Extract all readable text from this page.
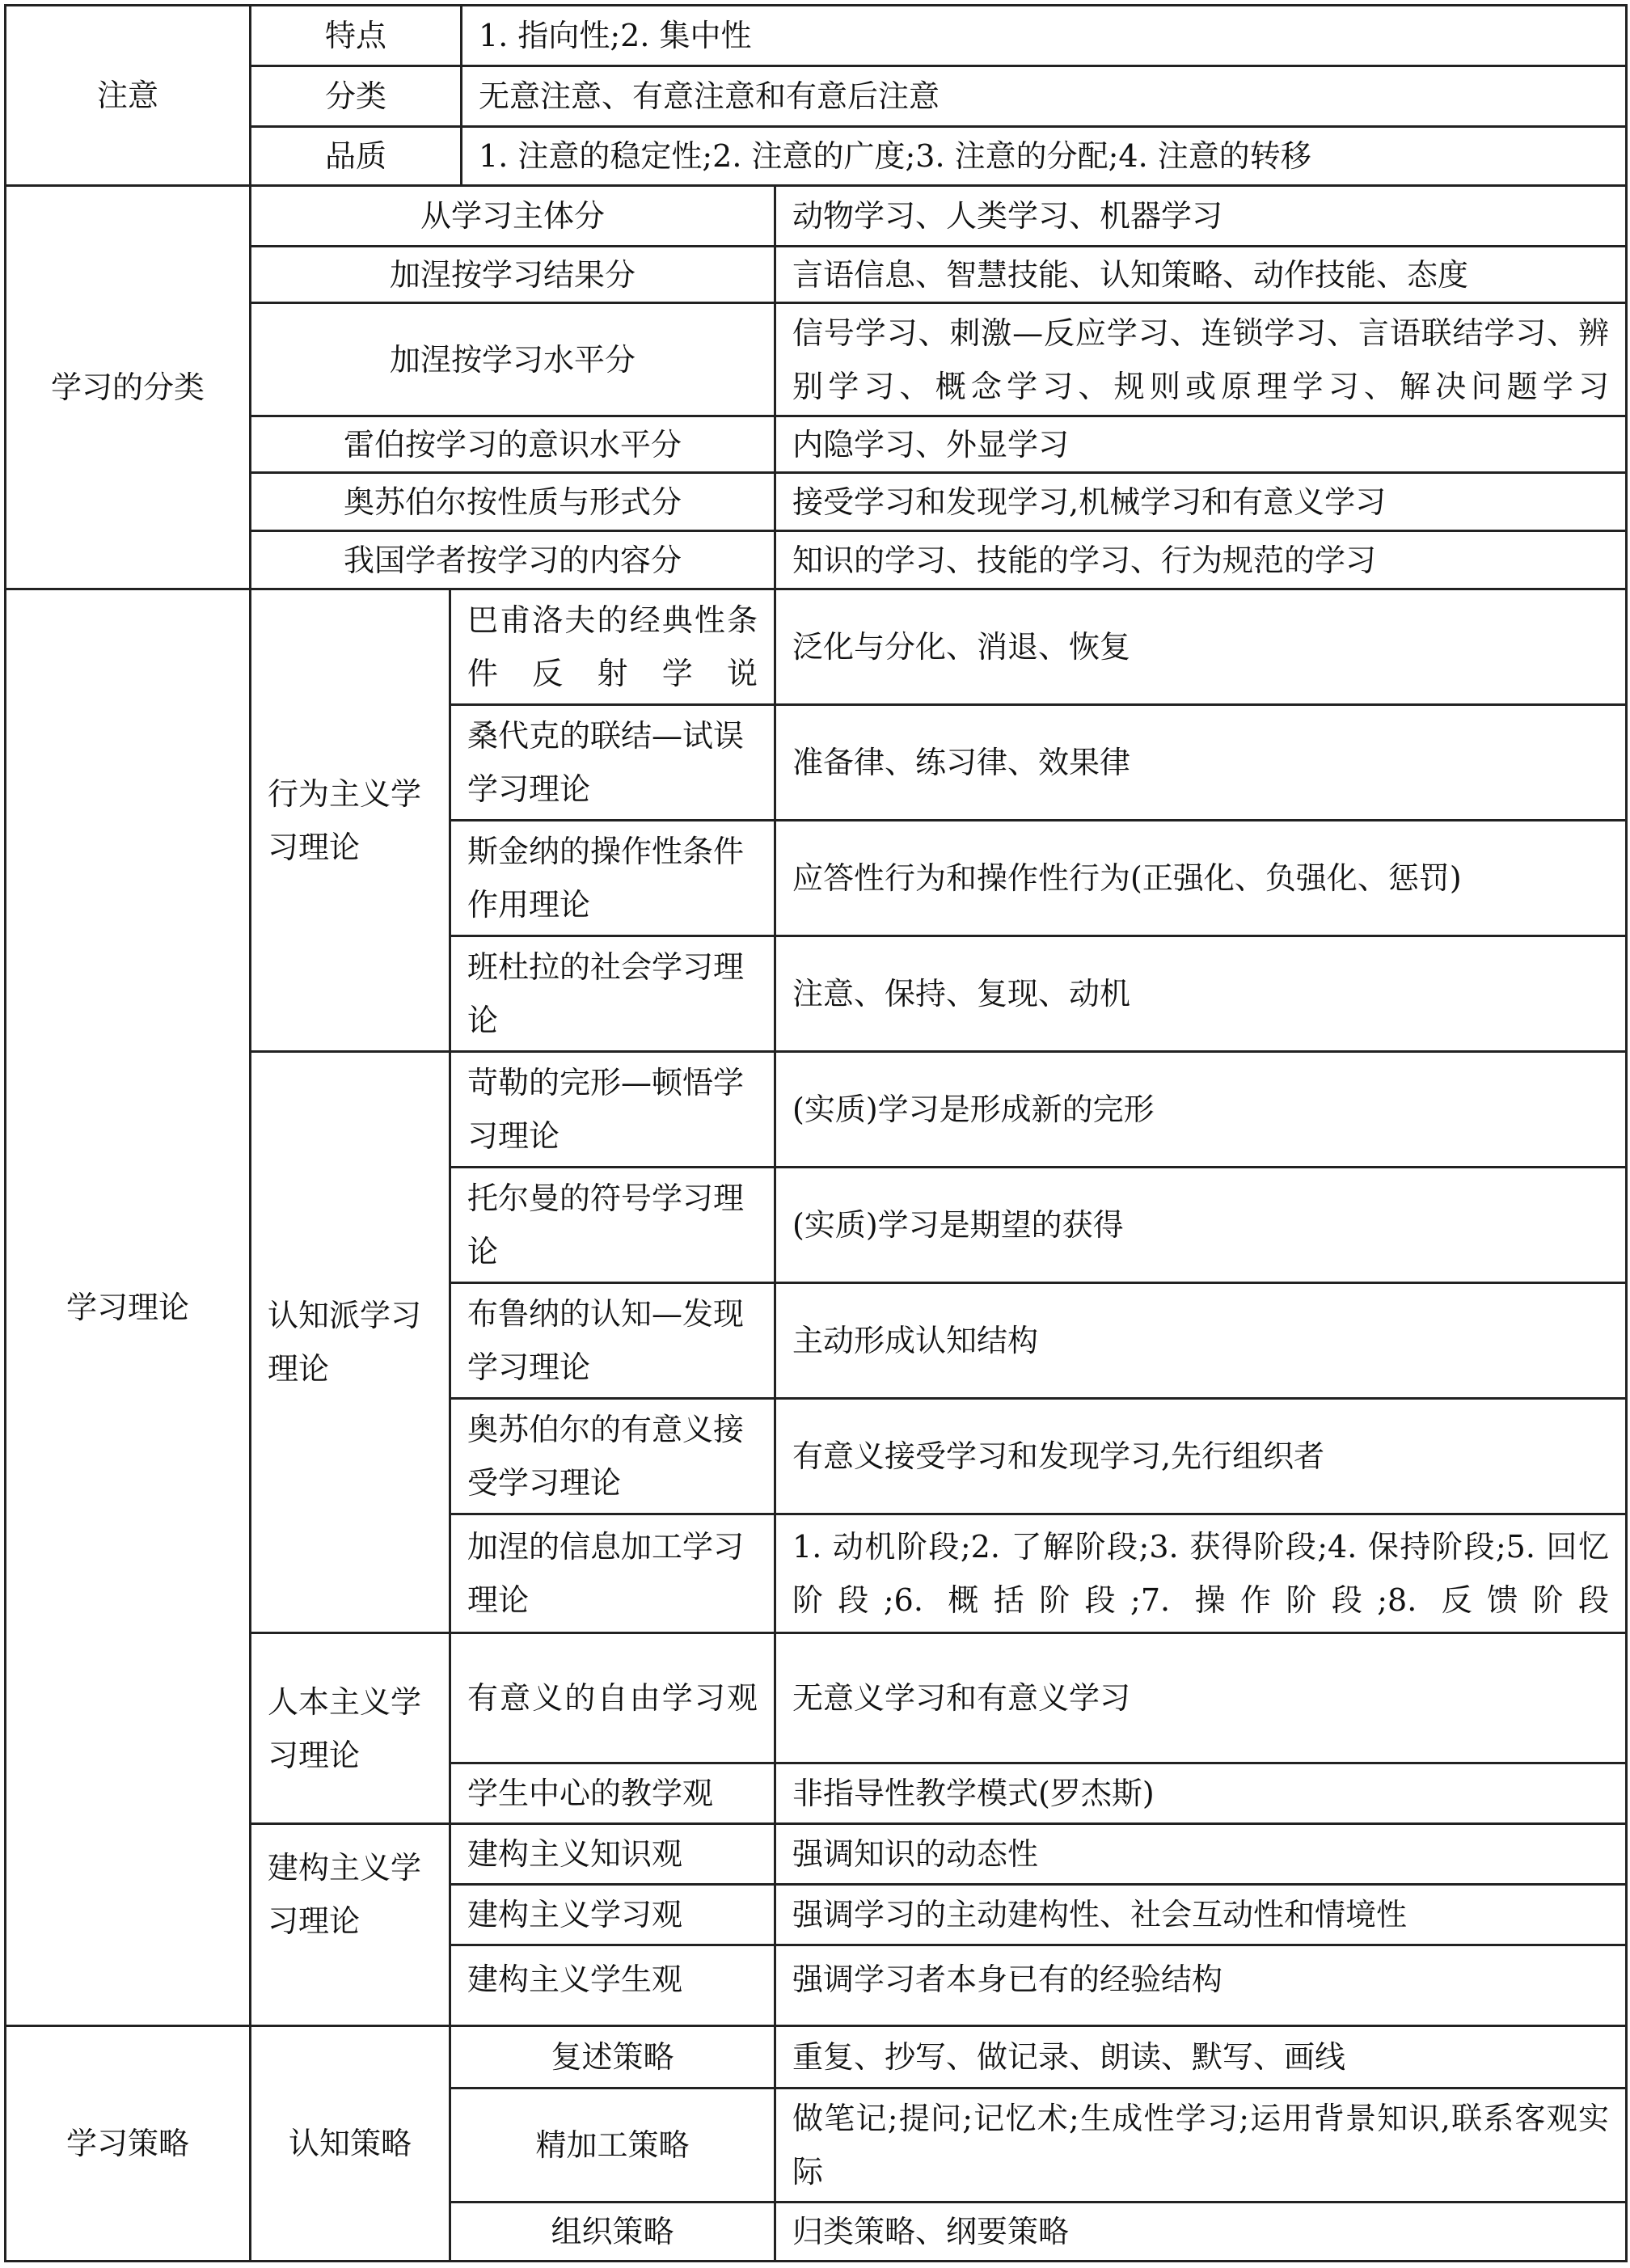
注意	特点		1. 指向性;2. 集中性	
	分类		无意注意、有意注意和有意后注意	
	品质		1. 注意的稳定性;2. 注意的广度;3. 注意的分配;4. 注意的转移	
学习的分类	从学习主体分			动物学习、人类学习、机器学习
	加涅按学习结果分			言语信息、智慧技能、认知策略、动作技能、态度
	加涅按学习水平分			信号学习、刺激—反应学习、连锁学习、言语联结学习、辨别学习、概念学习、规则或原理学习、解决问题学习
	雷伯按学习的意识水平分			内隐学习、外显学习
	奥苏伯尔按性质与形式分			接受学习和发现学习,机械学习和有意义学习
	我国学者按学习的内容分			知识的学习、技能的学习、行为规范的学习
学习理论	行为主义学习理论	巴甫洛夫的经典性条件反射学说		泛化与分化、消退、恢复
		桑代克的联结—试误学习理论		准备律、练习律、效果律
		斯金纳的操作性条件作用理论		应答性行为和操作性行为(正强化、负强化、惩罚)
		班杜拉的社会学习理论		注意、保持、复现、动机
	认知派学习理论	苛勒的完形—顿悟学习理论		(实质)学习是形成新的完形
		托尔曼的符号学习理论		(实质)学习是期望的获得
		布鲁纳的认知—发现学习理论		主动形成认知结构
		奥苏伯尔的有意义接受学习理论		有意义接受学习和发现学习,先行组织者
		加涅的信息加工学习理论		1. 动机阶段;2. 了解阶段;3. 获得阶段;4. 保持阶段;5. 回忆阶段;6. 概括阶段;7. 操作阶段;8. 反馈阶段
	人本主义学习理论	有意义的自由学习观		无意义学习和有意义学习
		学生中心的教学观		非指导性教学模式(罗杰斯)
	建构主义学习理论	建构主义知识观		强调知识的动态性
		建构主义学习观		强调学习的主动建构性、社会互动性和情境性
		建构主义学生观		强调学习者本身已有的经验结构
学习策略	认知策略	复述策略		重复、抄写、做记录、朗读、默写、画线
		精加工策略		做笔记;提问;记忆术;生成性学习;运用背景知识,联系客观实际
		组织策略		归类策略、纲要策略
